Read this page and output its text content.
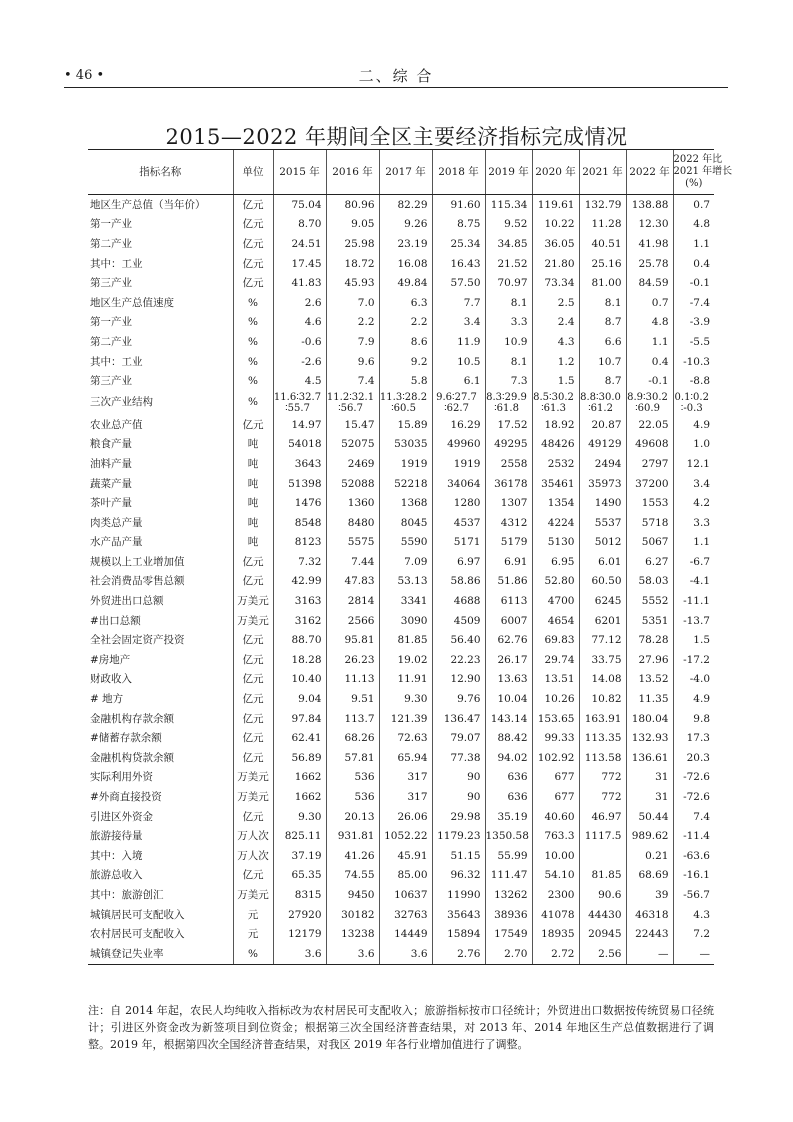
• 46 •	二、综 合
2015—2022 年期间全区主要经济指标完成情况
指标名称	单位	2015 年	2016 年	2017 年	2018 年	2019 年	2020 年	2021 年	2022 年	2022 年比
2021 年增长
(%)

地区生产总值（当年价）	亿元	75.04	80.96	82.29	91.60	115.34	119.61	132.79	138.88	0.7
第一产业	亿元	8.70	9.05	9.26	8.75	9.52	10.22	11.28	12.30	4.8
第二产业	亿元	24.51	25.98	23.19	25.34	34.85	36.05	40.51	41.98	1.1
其中：工业	亿元	17.45	18.72	16.08	16.43	21.52	21.80	25.16	25.78	0.4
第三产业	亿元	41.83	45.93	49.84	57.50	70.97	73.34	81.00	84.59	-0.1
地区生产总值速度	%	2.6	7.0	6.3	7.7	8.1	2.5	8.1	0.7	-7.4
第一产业	%	4.6	2.2	2.2	3.4	3.3	2.4	8.7	4.8	-3.9
第二产业	%	-0.6	7.9	8.6	11.9	10.9	4.3	6.6	1.1	-5.5
其中：工业	%	-2.6	9.6	9.2	10.5	8.1	1.2	10.7	0.4	-10.3
第三产业	%	4.5	7.4	5.8	6.1	7.3	1.5	8.7	-0.1	-8.8
三次产业结构	%	11.6∶32.7
∶55.7	11.2∶32.1
∶56.7	11.3∶28.2
∶60.5	9.6∶27.7
∶62.7	8.3∶29.9
∶61.8	8.5∶30.2
∶61.3	8.8∶30.0
∶61.2	8.9∶30.2
∶60.9	0.1∶0.2
∶-0.3

农业总产值	亿元	14.97	15.47	15.89	16.29	17.52	18.92	20.87	22.05	4.9
粮食产量	吨	54018	52075	53035	49960	49295	48426	49129	49608	1.0
油料产量	吨	3643	2469	1919	1919	2558	2532	2494	2797	12.1
蔬菜产量	吨	51398	52088	52218	34064	36178	35461	35973	37200	3.4
茶叶产量	吨	1476	1360	1368	1280	1307	1354	1490	1553	4.2
肉类总产量	吨	8548	8480	8045	4537	4312	4224	5537	5718	3.3
水产品产量	吨	8123	5575	5590	5171	5179	5130	5012	5067	1.1
规模以上工业增加值	亿元	7.32	7.44	7.09	6.97	6.91	6.95	6.01	6.27	-6.7
社会消费品零售总额	亿元	42.99	47.83	53.13	58.86	51.86	52.80	60.50	58.03	-4.1
外贸进出口总额	万美元	3163	2814	3341	4688	6113	4700	6245	5552	-11.1
#出口总额	万美元	3162	2566	3090	4509	6007	4654	6201	5351	-13.7
全社会固定资产投资	亿元	88.70	95.81	81.85	56.40	62.76	69.83	77.12	78.28	1.5
#房地产	亿元	18.28	26.23	19.02	22.23	26.17	29.74	33.75	27.96	-17.2
财政收入	亿元	10.40	11.13	11.91	12.90	13.63	13.51	14.08	13.52	-4.0
# 地方	亿元	9.04	9.51	9.30	9.76	10.04	10.26	10.82	11.35	4.9
金融机构存款余额	亿元	97.84	113.7	121.39	136.47	143.14	153.65	163.91	180.04	9.8
#储蓄存款余额	亿元	62.41	68.26	72.63	79.07	88.42	99.33	113.35	132.93	17.3
金融机构贷款余额	亿元	56.89	57.81	65.94	77.38	94.02	102.92	113.58	136.61	20.3
实际利用外资	万美元	1662	536	317	90	636	677	772	31	-72.6
#外商直接投资	万美元	1662	536	317	90	636	677	772	31	-72.6
引进区外资金	亿元	9.30	20.13	26.06	29.98	35.19	40.60	46.97	50.44	7.4
旅游接待量	万人次	825.11	931.81	1052.22	1179.23	1350.58	763.3	1117.5	989.62	-11.4
其中：入境	万人次	37.19	41.26	45.91	51.15	55.99	10.00		0.21	-63.6
旅游总收入	亿元	65.35	74.55	85.00	96.32	111.47	54.10	81.85	68.69	-16.1
其中：旅游创汇	万美元	8315	9450	10637	11990	13262	2300	90.6	39	-56.7
城镇居民可支配收入	元	27920	30182	32763	35643	38936	41078	44430	46318	4.3
农村居民可支配收入	元	12179	13238	14449	15894	17549	18935	20945	22443	7.2
城镇登记失业率	%	3.6	3.6	3.6	2.76	2.70	2.72	2.56	—	—
注：自 2014 年起，农民人均纯收入指标改为农村居民可支配收入；旅游指标按市口径统计；外贸进出口数据按传统贸易口径统计；引进区外资金改为新签项目到位资金；根据第三次全国经济普查结果，对 2013 年、2014 年地区生产总值数据进行了调整。2019 年，根据第四次全国经济普查结果，对我区 2019 年各行业增加值进行了调整。
